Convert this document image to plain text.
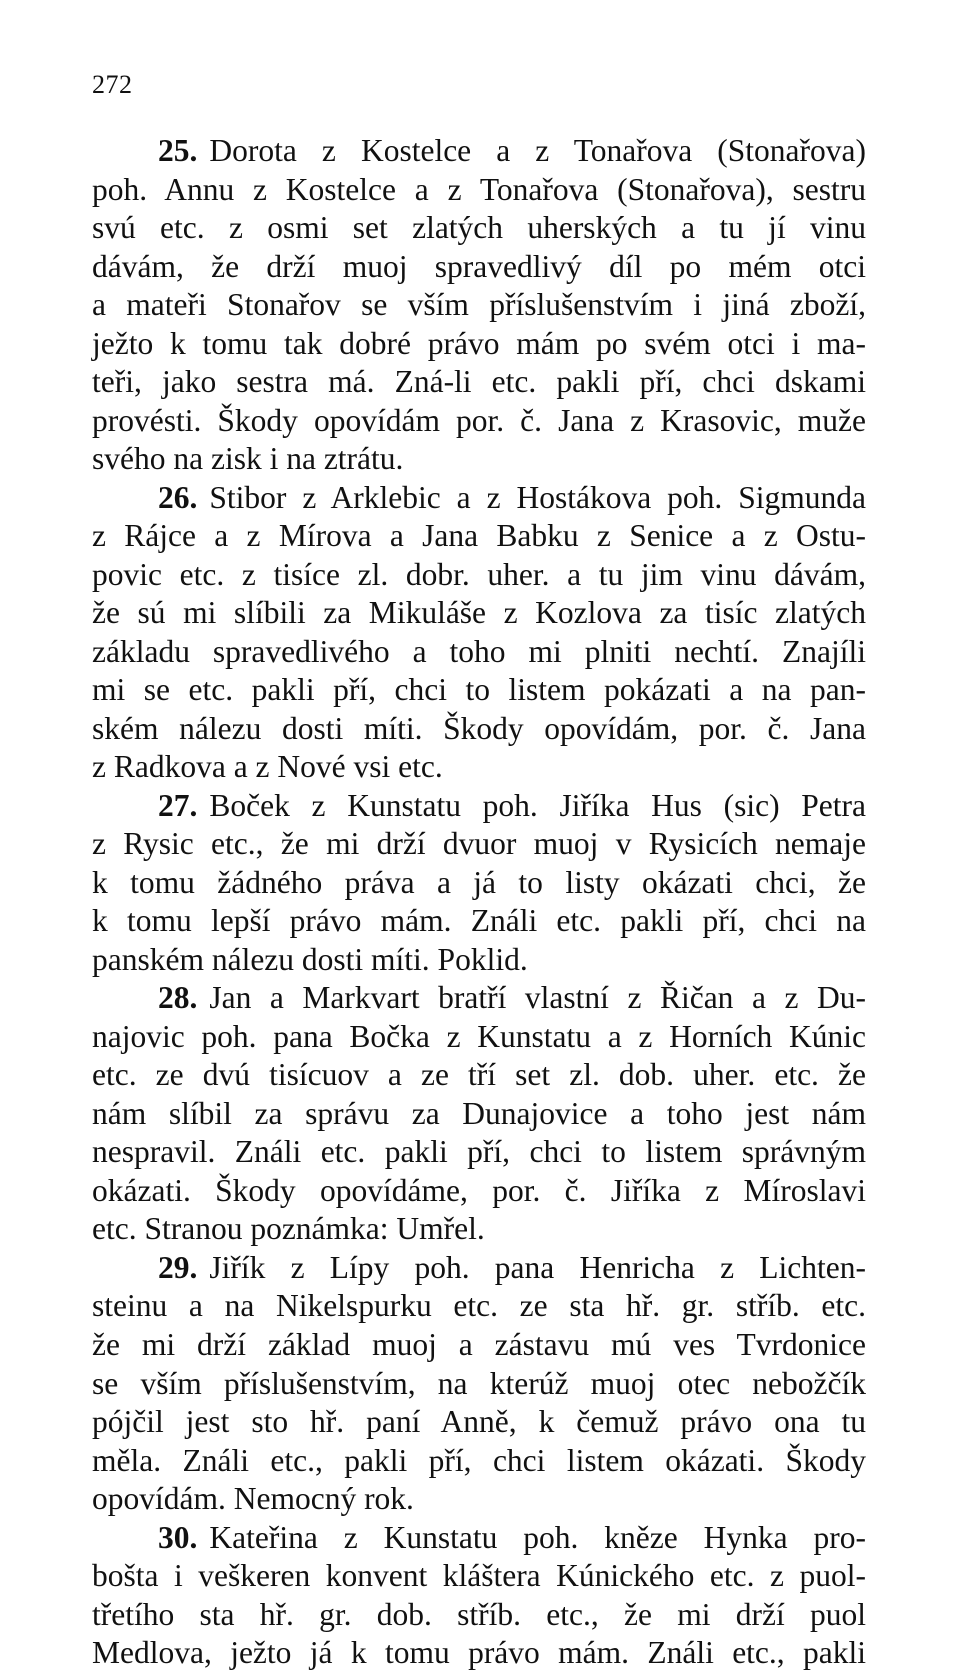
272
25. Dorota z Kostelce a z Tonařova (Stonařova)
poh. Annu z Kostelce a z Tonařova (Stonařova), sestru
svú etc. z osmi set zlatých uherských a tu jí vinu
dávám, že drží muoj spravedlivý díl po mém otci
a mateři Stonařov se vším příslušenstvím i jiná zboží,
ježto k tomu tak dobré právo mám po svém otci i ma-
teři, jako sestra má. Zná-li etc. pakli pří, chci dskami
provésti. Škody opovídám por. č. Jana z Krasovic, muže
svého na zisk i na ztrátu.
26. Stibor z Arklebic a z Hostákova poh. Sigmunda
z Rájce a z Mírova a Jana Babku z Senice a z Ostu-
povic etc. z tisíce zl. dobr. uher. a tu jim vinu dávám,
že sú mi slíbili za Mikuláše z Kozlova za tisíc zlatých
základu spravedlivého a toho mi plniti nechtí. Znajíli
mi se etc. pakli pří, chci to listem pokázati a na pan-
ském nálezu dosti míti. Škody opovídám, por. č. Jana
z Radkova a z Nové vsi etc.
27. Boček z Kunstatu poh. Jiříka Hus (sic) Petra
z Rysic etc., že mi drží dvuor muoj v Rysicích nemaje
k tomu žádného práva a já to listy okázati chci, že
k tomu lepší právo mám. Ználi etc. pakli pří, chci na
panském nálezu dosti míti. Poklid.
28. Jan a Markvart bratří vlastní z Řičan a z Du-
najovic poh. pana Bočka z Kunstatu a z Horních Kúnic
etc. ze dvú tisícuov a ze tří set zl. dob. uher. etc. že
nám slíbil za správu za Dunajovice a toho jest nám
nespravil. Ználi etc. pakli pří, chci to listem správným
okázati. Škody opovídáme, por. č. Jiříka z Míroslavi
etc. Stranou poznámka: Umřel.
29. Jiřík z Lípy poh. pana Henricha z Lichten-
steinu a na Nikelspurku etc. ze sta hř. gr. stříb. etc.
že mi drží základ muoj a zástavu mú ves Tvrdonice
se vším příslušenstvím, na kterúž muoj otec nebožčík
pójčil jest sto hř. paní Anně, k čemuž právo ona tu
měla. Ználi etc., pakli pří, chci listem okázati. Škody
opovídám. Nemocný rok.
30. Kateřina z Kunstatu poh. kněze Hynka pro-
bošta i veškeren konvent kláštera Kúnického etc. z puol-
třetího sta hř. gr. dob. stříb. etc., že mi drží puol
Medlova, ježto já k tomu právo mám. Ználi etc., pakli
